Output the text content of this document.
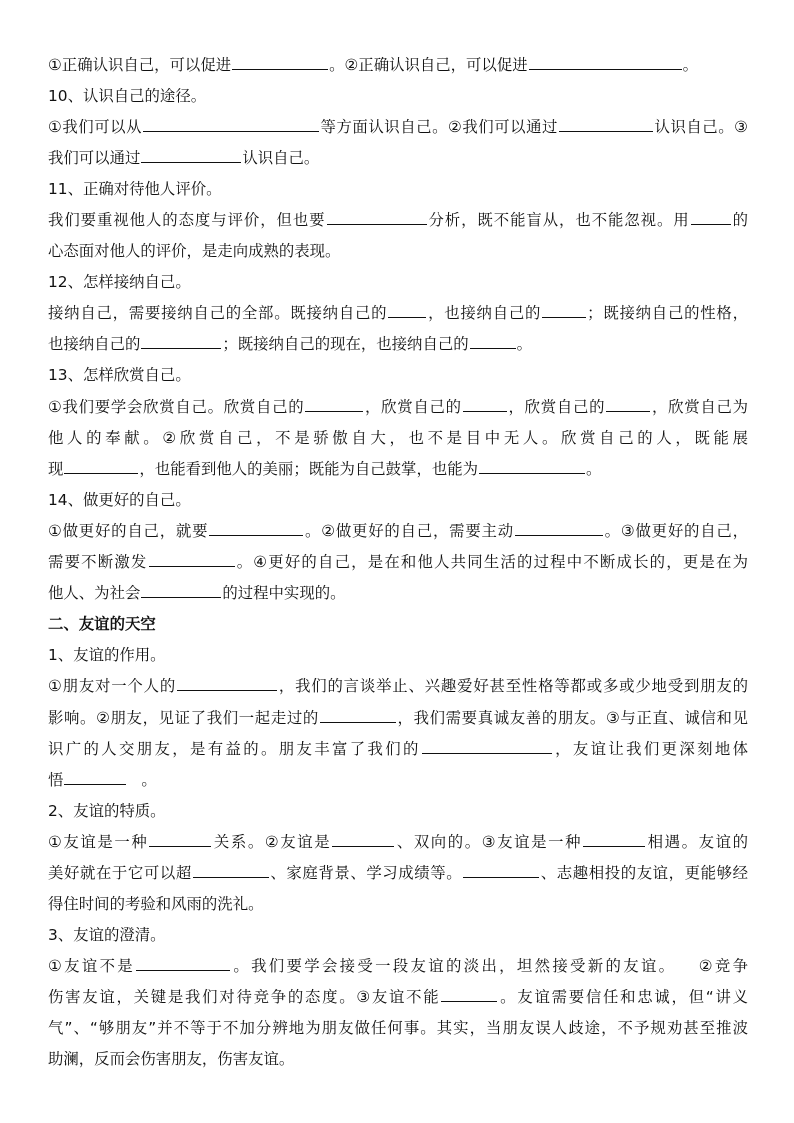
①正确认识自己，可以促进	。②正确认识自己，可以促进	。
10、认识自己的途径。
①我们可以从	等方面认识自己。②我们可以通过	认识自己。③
我们可以通过	认识自己。
11、正确对待他人评价。
我们要重视他人的态度与评价，但也要	分析，既不能盲从，也不能忽视。用	的
心态面对他人的评价，是走向成熟的表现。
12、怎样接纳自己。
接纳自己，需要接纳自己的全部。既接纳自己的	，也接纳自己的	；既接纳自己的性格，
也接纳自己的	；既接纳自己的现在，也接纳自己的	。
13、怎样欣赏自己。
①我们要学会欣赏自己。欣赏自己的	，欣赏自己的	，欣赏自己的	，欣赏自己为
他人的奉献。②欣赏自己，不是骄傲自大，也不是目中无人。欣赏自己的人，既能展
现	，也能看到他人的美丽；既能为自己鼓掌，也能为	。
14、做更好的自己。
①做更好的自己，就要	。②做更好的自己，需要主动	。③做更好的自己，
需要不断激发	。④更好的自己，是在和他人共同生活的过程中不断成长的，更是在为
他人、为社会	的过程中实现的。
二、友谊的天空
1、友谊的作用。
①朋友对一个人的	，我们的言谈举止、兴趣爱好甚至性格等都或多或少地受到朋友的
影响。②朋友，见证了我们一起走过的	，我们需要真诚友善的朋友。③与正直、诚信和见
识广的人交朋友，是有益的。朋友丰富了我们的	，友谊让我们更深刻地体
悟	。
2、友谊的特质。
①友谊是一种	关系。②友谊是	、双向的。③友谊是一种	相遇。友谊的
美好就在于它可以超	、家庭背景、学习成绩等。	、志趣相投的友谊，更能够经
得住时间的考验和风雨的洗礼。
3、友谊的澄清。
①友谊不是	。我们要学会接受一段友谊的淡出，坦然接受新的友谊。 ②竞争
伤害友谊，关键是我们对待竞争的态度。③友谊不能	。友谊需要信任和忠诚，但“讲义
气”、“够朋友”并不等于不加分辨地为朋友做任何事。其实，当朋友误人歧途，不予规劝甚至推波
助澜，反而会伤害朋友，伤害友谊。
